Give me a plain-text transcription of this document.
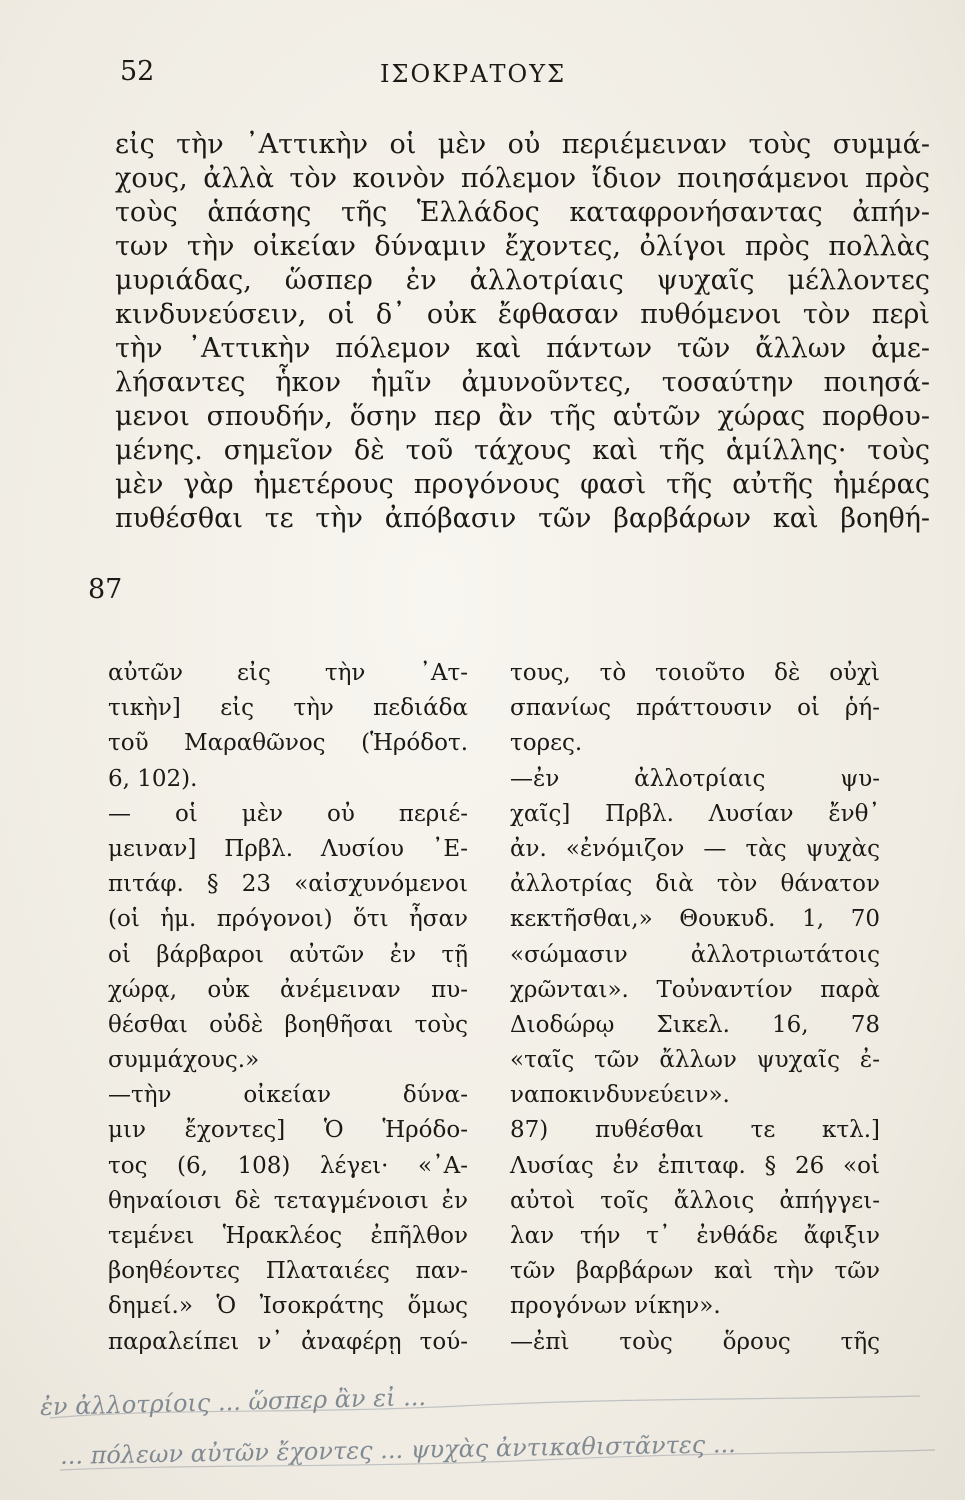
52	ΙΣΟΚΡΑΤΟΥΣ
87
εἰς τὴν ᾽Αττικὴν οἱ μὲν οὐ περιέμειναν τοὺς συμμά-
χους, ἀλλὰ τὸν κοινὸν πόλεμον ἴδιον ποιησάμενοι πρὸς
τοὺς ἁπάσης τῆς Ἑλλάδος καταφρονήσαντας ἀπήν-
των τὴν οἰκείαν δύναμιν ἔχοντες, ὀλίγοι πρὸς πολλὰς
μυριάδας, ὥσπερ ἐν ἀλλοτρίαις ψυχαῖς μέλλοντες
κινδυνεύσειν, οἱ δ᾽ οὐκ ἔφθασαν πυθόμενοι τὸν περὶ
τὴν ᾽Αττικὴν πόλεμον καὶ πάντων τῶν ἄλλων ἀμε-
λήσαντες ἧκον ἡμῖν ἀμυνοῦντες, τοσαύτην ποιησά-
μενοι σπουδήν, ὅσην περ ἂν τῆς αὑτῶν χώρας πορθου-
μένης. σημεῖον δὲ τοῦ τάχους καὶ τῆς ἁμίλλης· τοὺς
μὲν γὰρ ἡμετέρους προγόνους φασὶ τῆς αὐτῆς ἡμέρας
πυθέσθαι τε τὴν ἀπόβασιν τῶν βαρβάρων καὶ βοηθή-
αὐτῶν εἰς τὴν ᾽Ατ-
τικὴν] εἰς τὴν πεδιάδα
τοῦ Μαραθῶνος (Ἡρόδοτ.
6, 102).
— οἱ μὲν οὐ περιέ-
μειναν] Πρβλ. Λυσίου ᾽Ε-
πιτάφ. § 23 «αἰσχυνόμενοι
(οἱ ἡμ. πρόγονοι) ὅτι ἦσαν
οἱ βάρβαροι αὐτῶν ἐν τῇ
χώρᾳ, οὐκ ἀνέμειναν πυ-
θέσθαι οὐδὲ βοηθῆσαι τοὺς
συμμάχους.»
—τὴν οἰκείαν δύνα-
μιν ἔχοντες] Ὁ Ἡρόδο-
τος (6, 108) λέγει· «᾽Α-
θηναίοισι δὲ τεταγμένοισι ἐν
τεμένει Ἡρακλέος ἐπῆλθον
βοηθέοντες Πλαταιέες παν-
δημεί.» Ὁ Ἰσοκράτης ὅμως
παραλείπει ν᾽ ἀναφέρῃ τού-
τους, τὸ τοιοῦτο δὲ οὐχὶ
σπανίως πράττουσιν οἱ ῥή-
τορες.
—ἐν ἀλλοτρίαις ψυ-
χαῖς] Πρβλ. Λυσίαν ἔνθ᾽
ἀν. «ἐνόμιζον — τὰς ψυχὰς
ἀλλοτρίας διὰ τὸν θάνατον
κεκτῆσθαι,» Θουκυδ. 1, 70
«σώμασιν ἀλλοτριωτάτοις
χρῶνται». Τοὐναντίον παρὰ
Διοδώρῳ Σικελ. 16, 78
«ταῖς τῶν ἄλλων ψυχαῖς ἐ-
ναποκινδυνεύειν».
87) πυθέσθαι τε κτλ.]
Λυσίας ἐν ἐπιταφ. § 26 «οἱ
αὐτοὶ τοῖς ἄλλοις ἀπήγγει-
λαν τήν τ᾽ ἐνθάδε ἄφιξιν
τῶν βαρβάρων καὶ τὴν τῶν
προγόνων νίκην».
—ἐπὶ τοὺς ὅρους τῆς
ἐν ἀλλοτρίοις ... ὥσπερ ἂν εἰ ...
... πόλεων αὐτῶν ἔχοντες ... ψυχὰς ἀντικαθιστᾶντες ...
